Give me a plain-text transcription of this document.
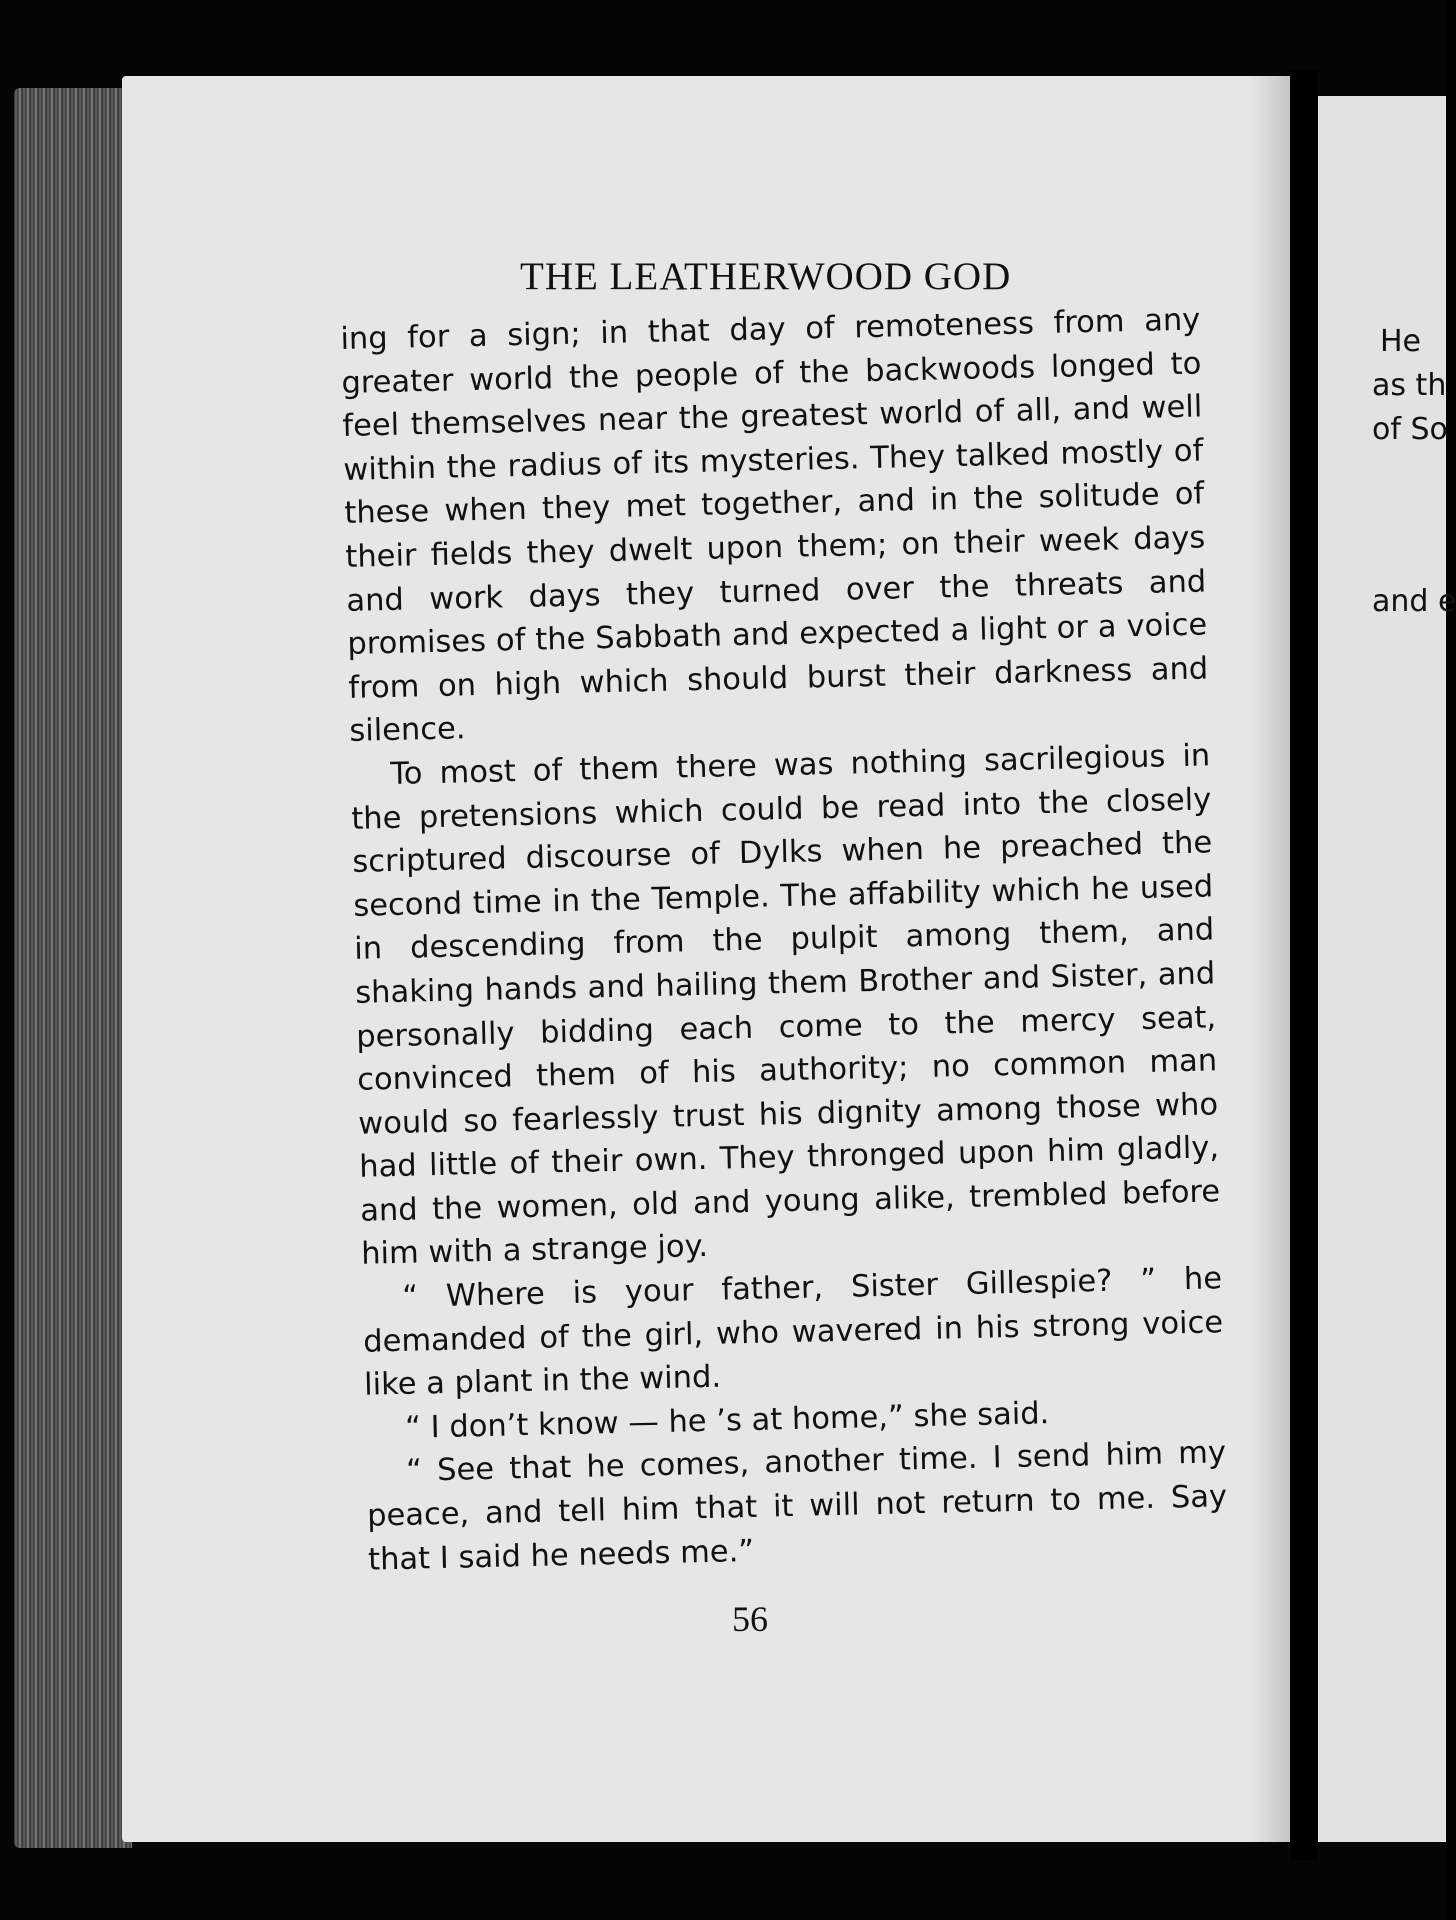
He
as th
of So
and e
THE LEATHERWOOD GOD

ing for a sign; in that day of remoteness from any greater world the people of the backwoods longed to feel themselves near the greatest world of all, and well within the radius of its mysteries. They talked mostly of these when they met together, and in the solitude of their fields they dwelt upon them; on their week days and work days they turned over the threats and promises of the Sabbath and expected a light or a voice from on high which should burst their darkness and silence.

To most of them there was nothing sacrilegious in the pretensions which could be read into the closely scriptured discourse of Dylks when he preached the second time in the Temple. The affability which he used in descending from the pulpit among them, and shaking hands and hailing them Brother and Sister, and personally bidding each come to the mercy seat, convinced them of his authority; no common man would so fearlessly trust his dignity among those who had little of their own. They thronged upon him gladly, and the women, old and young alike, trembled before him with a strange joy.

“ Where is your father, Sister Gillespie? ” he demanded of the girl, who wavered in his strong voice like a plant in the wind.

“ I don’t know — he ’s at home,” she said.

“ See that he comes, another time. I send him my peace, and tell him that it will not return to me. Say that I said he needs me.”

56
